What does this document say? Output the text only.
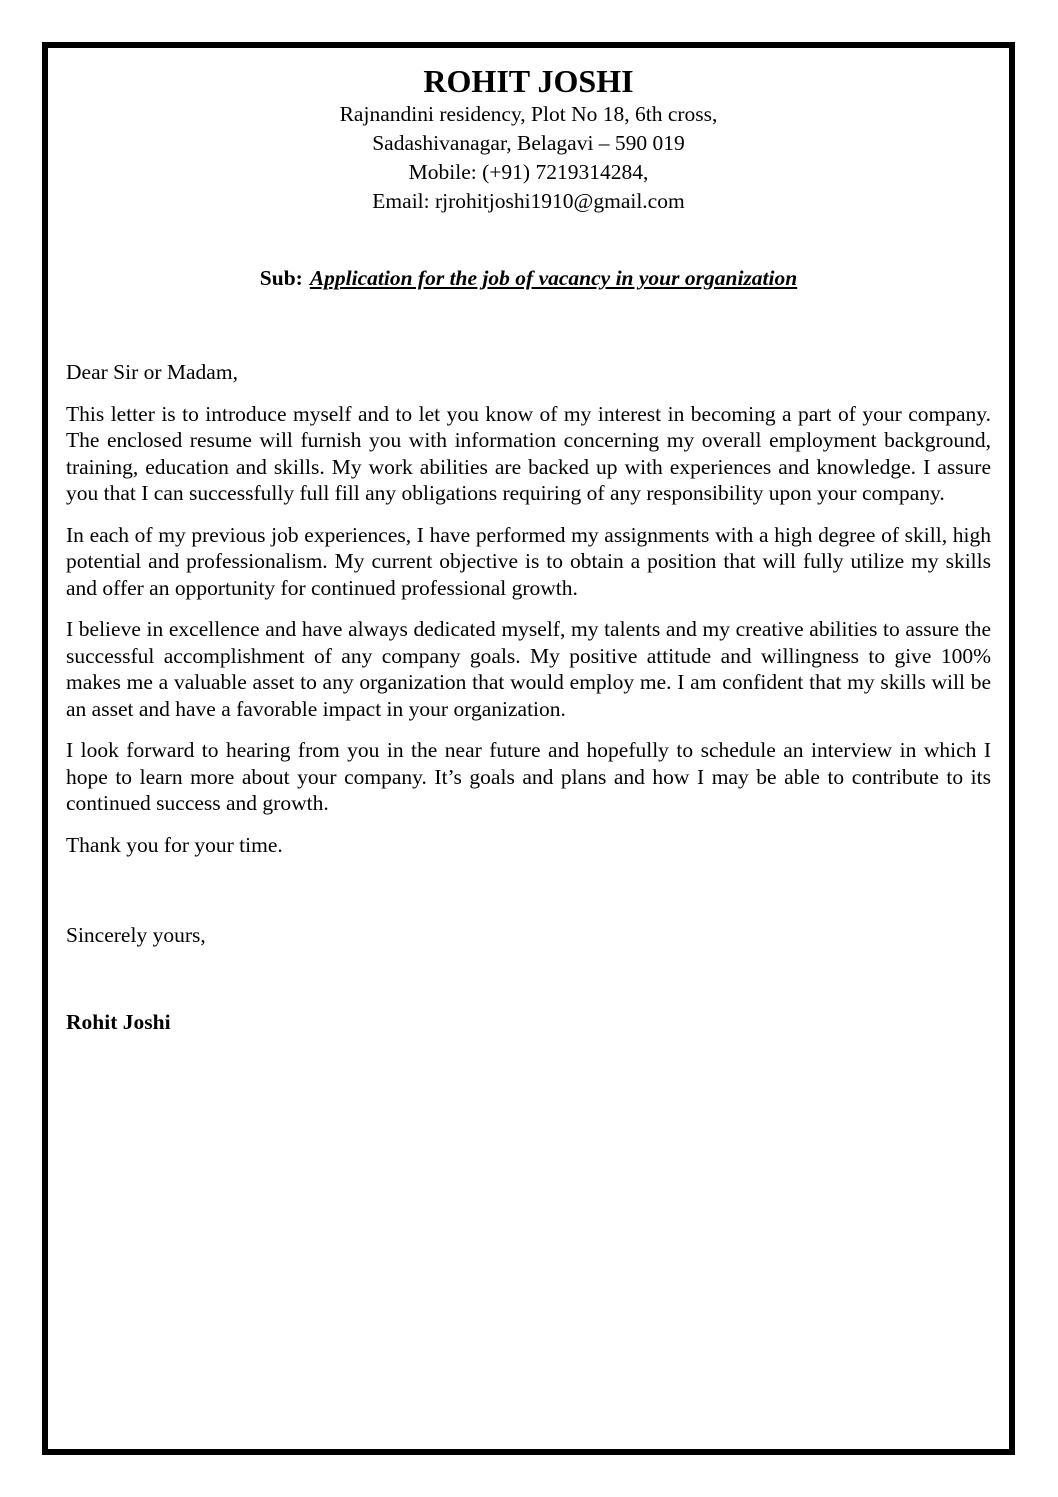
ROHIT JOSHI
Rajnandini residency, Plot No 18, 6th cross,
Sadashivanagar, Belagavi – 590 019
Mobile: (+91) 7219314284,
Email: rjrohitjoshi1910@gmail.com
Sub: Application for the job of vacancy in your organization

Dear Sir or Madam,

This letter is to introduce myself and to let you know of my interest in becoming a part of your company. The enclosed resume will furnish you with information concerning my overall employment background, training, education and skills. My work abilities are backed up with experiences and knowledge. I assure you that I can successfully full fill any obligations requiring of any responsibility upon your company.

In each of my previous job experiences, I have performed my assignments with a high degree of skill, high potential and professionalism. My current objective is to obtain a position that will fully utilize my skills and offer an opportunity for continued professional growth.

I believe in excellence and have always dedicated myself, my talents and my creative abilities to assure the successful accomplishment of any company goals. My positive attitude and willingness to give 100% makes me a valuable asset to any organization that would employ me. I am confident that my skills will be an asset and have a favorable impact in your organization.

I look forward to hearing from you in the near future and hopefully to schedule an interview in which I hope to learn more about your company. It’s goals and plans and how I may be able to contribute to its continued success and growth.

Thank you for your time.

Sincerely yours,

Rohit Joshi
